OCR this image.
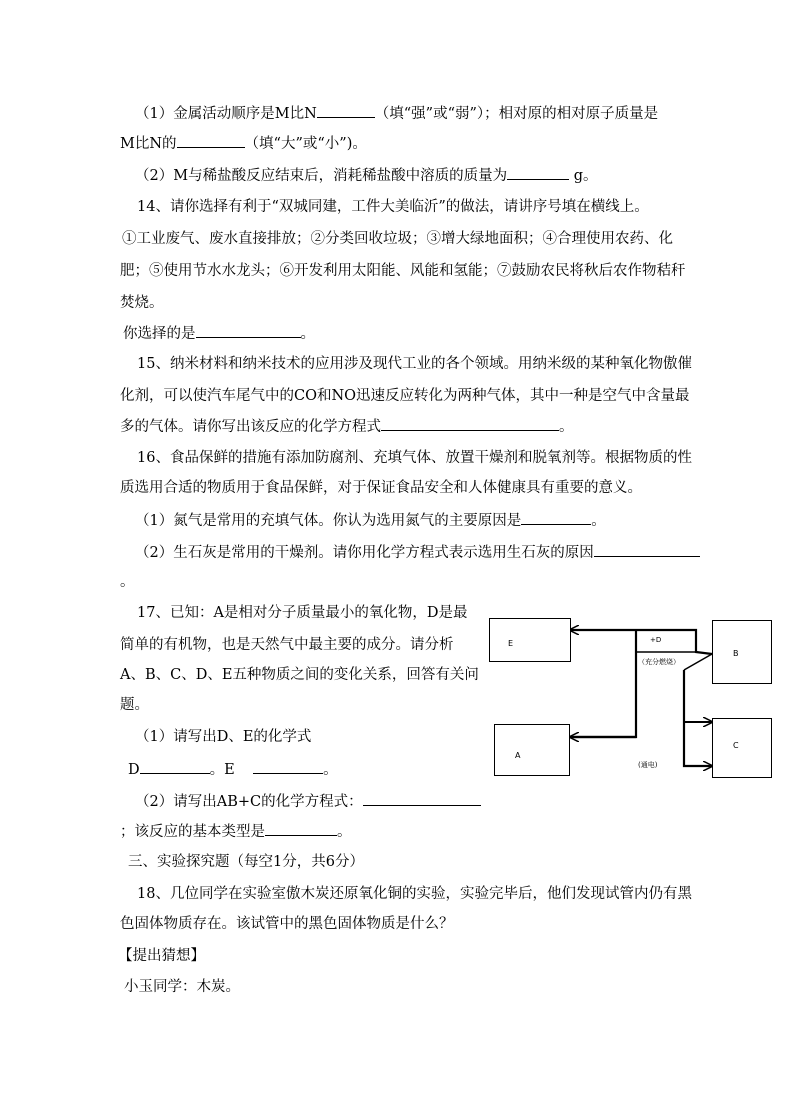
（1）金属活动顺序是M比N	（填“强”或“弱”）；相对原的相对原子质量是
M比N的	（填“大”或“小”)。
（2）M与稀盐酸反应结束后，消耗稀盐酸中溶质的质量为	g。
14、请你选择有利于“双城同建，工件大美临沂”的做法，请讲序号填在横线上。
①工业废气、废水直接排放；②分类回收垃圾；③增大绿地面积；④合理使用农药、化
肥；⑤使用节水水龙头；⑥开发利用太阳能、风能和氢能；⑦鼓励农民将秋后农作物秸秆
焚烧。
你选择的是	。
15、纳米材料和纳米技术的应用涉及现代工业的各个领域。用纳米级的某种氧化物傲催
化剂，可以使汽车尾气中的CO和NO迅速反应转化为两种气体，其中一种是空气中含量最
多的气体。请你写出该反应的化学方程式	。
16、食品保鲜的措施有添加防腐剂、充填气体、放置干燥剂和脱氧剂等。根据物质的性
质选用合适的物质用于食品保鲜，对于保证食品安全和人体健康具有重要的意义。
（1）氮气是常用的充填气体。你认为选用氮气的主要原因是	。
（2）生石灰是常用的干燥剂。请你用化学方程式表示选用生石灰的原因
。
17、已知：A是相对分子质量最小的氧化物，D是最
简单的有机物，也是天然气中最主要的成分。请分析
A、B、C、D、E五种物质之间的变化关系，回答有关问
题。
（1）请写出D、E的化学式
D	。E	。
（2）请写出AB+C的化学方程式：
；该反应的基本类型是	。
三、实验探究题（每空1分，共6分）
18、几位同学在实验室傲木炭还原氧化铜的实验，实验完毕后，他们发现试管内仍有黑
色固体物质存在。该试管中的黑色固体物质是什么？
【提出猜想】
小玉同学：木炭。
E
B
A
C
+D
（充分燃烧）
(通电)
